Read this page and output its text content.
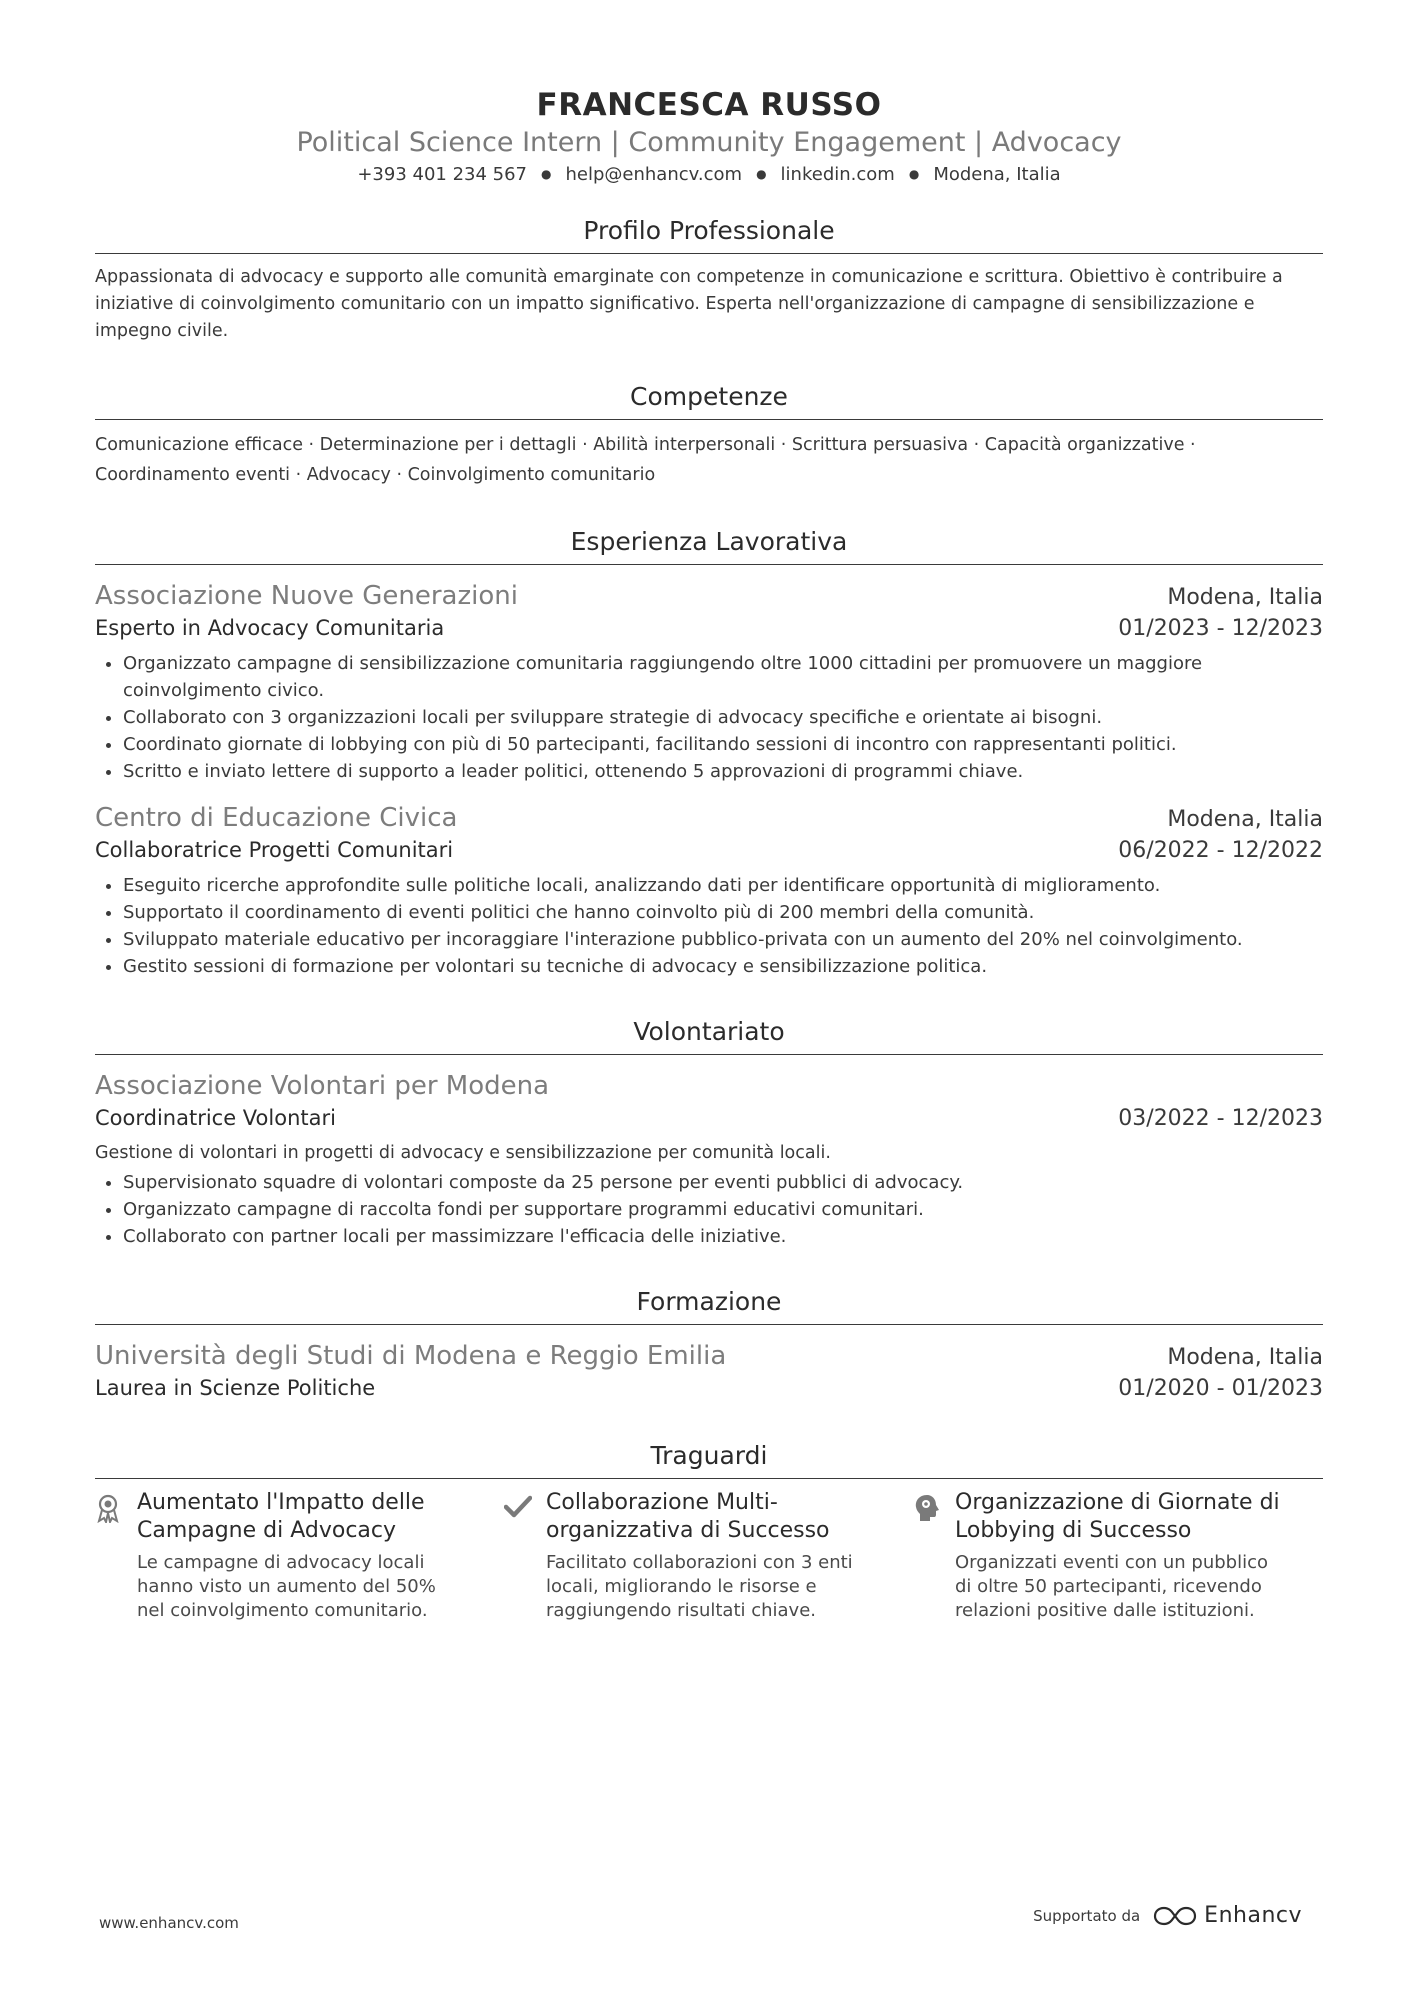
FRANCESCA RUSSO
Political Science Intern | Community Engagement | Advocacy
+393 401 234 567 ● help@enhancv.com ● linkedin.com ● Modena, Italia
Profilo Professionale
Appassionata di advocacy e supporto alle comunità emarginate con competenze in comunicazione e scrittura. Obiettivo è contribuire a iniziative di coinvolgimento comunitario con un impatto significativo. Esperta nell'organizzazione di campagne di sensibilizzazione e impegno civile.
Competenze
Comunicazione efficace · Determinazione per i dettagli · Abilità interpersonali · Scrittura persuasiva · Capacità organizzative · Coordinamento eventi · Advocacy · Coinvolgimento comunitario
Esperienza Lavorativa
Associazione Nuove Generazioni	Modena, Italia
Esperto in Advocacy Comunitaria	01/2023 - 12/2023
• Organizzato campagne di sensibilizzazione comunitaria raggiungendo oltre 1000 cittadini per promuovere un maggiore coinvolgimento civico.
• Collaborato con 3 organizzazioni locali per sviluppare strategie di advocacy specifiche e orientate ai bisogni.
• Coordinato giornate di lobbying con più di 50 partecipanti, facilitando sessioni di incontro con rappresentanti politici.
• Scritto e inviato lettere di supporto a leader politici, ottenendo 5 approvazioni di programmi chiave.
Centro di Educazione Civica	Modena, Italia
Collaboratrice Progetti Comunitari	06/2022 - 12/2022
• Eseguito ricerche approfondite sulle politiche locali, analizzando dati per identificare opportunità di miglioramento.
• Supportato il coordinamento di eventi politici che hanno coinvolto più di 200 membri della comunità.
• Sviluppato materiale educativo per incoraggiare l'interazione pubblico-privata con un aumento del 20% nel coinvolgimento.
• Gestito sessioni di formazione per volontari su tecniche di advocacy e sensibilizzazione politica.
Volontariato
Associazione Volontari per Modena
Coordinatrice Volontari	03/2022 - 12/2023
Gestione di volontari in progetti di advocacy e sensibilizzazione per comunità locali.
• Supervisionato squadre di volontari composte da 25 persone per eventi pubblici di advocacy.
• Organizzato campagne di raccolta fondi per supportare programmi educativi comunitari.
• Collaborato con partner locali per massimizzare l'efficacia delle iniziative.
Formazione
Università degli Studi di Modena e Reggio Emilia	Modena, Italia
Laurea in Scienze Politiche	01/2020 - 01/2023
Traguardi
Aumentato l'Impatto delle Campagne di Advocacy
Le campagne di advocacy locali hanno visto un aumento del 50% nel coinvolgimento comunitario.
Collaborazione Multi-organizzativa di Successo
Facilitato collaborazioni con 3 enti locali, migliorando le risorse e raggiungendo risultati chiave.
Organizzazione di Giornate di Lobbying di Successo
Organizzati eventi con un pubblico di oltre 50 partecipanti, ricevendo relazioni positive dalle istituzioni.
www.enhancv.com	Supportato da	Enhancv
